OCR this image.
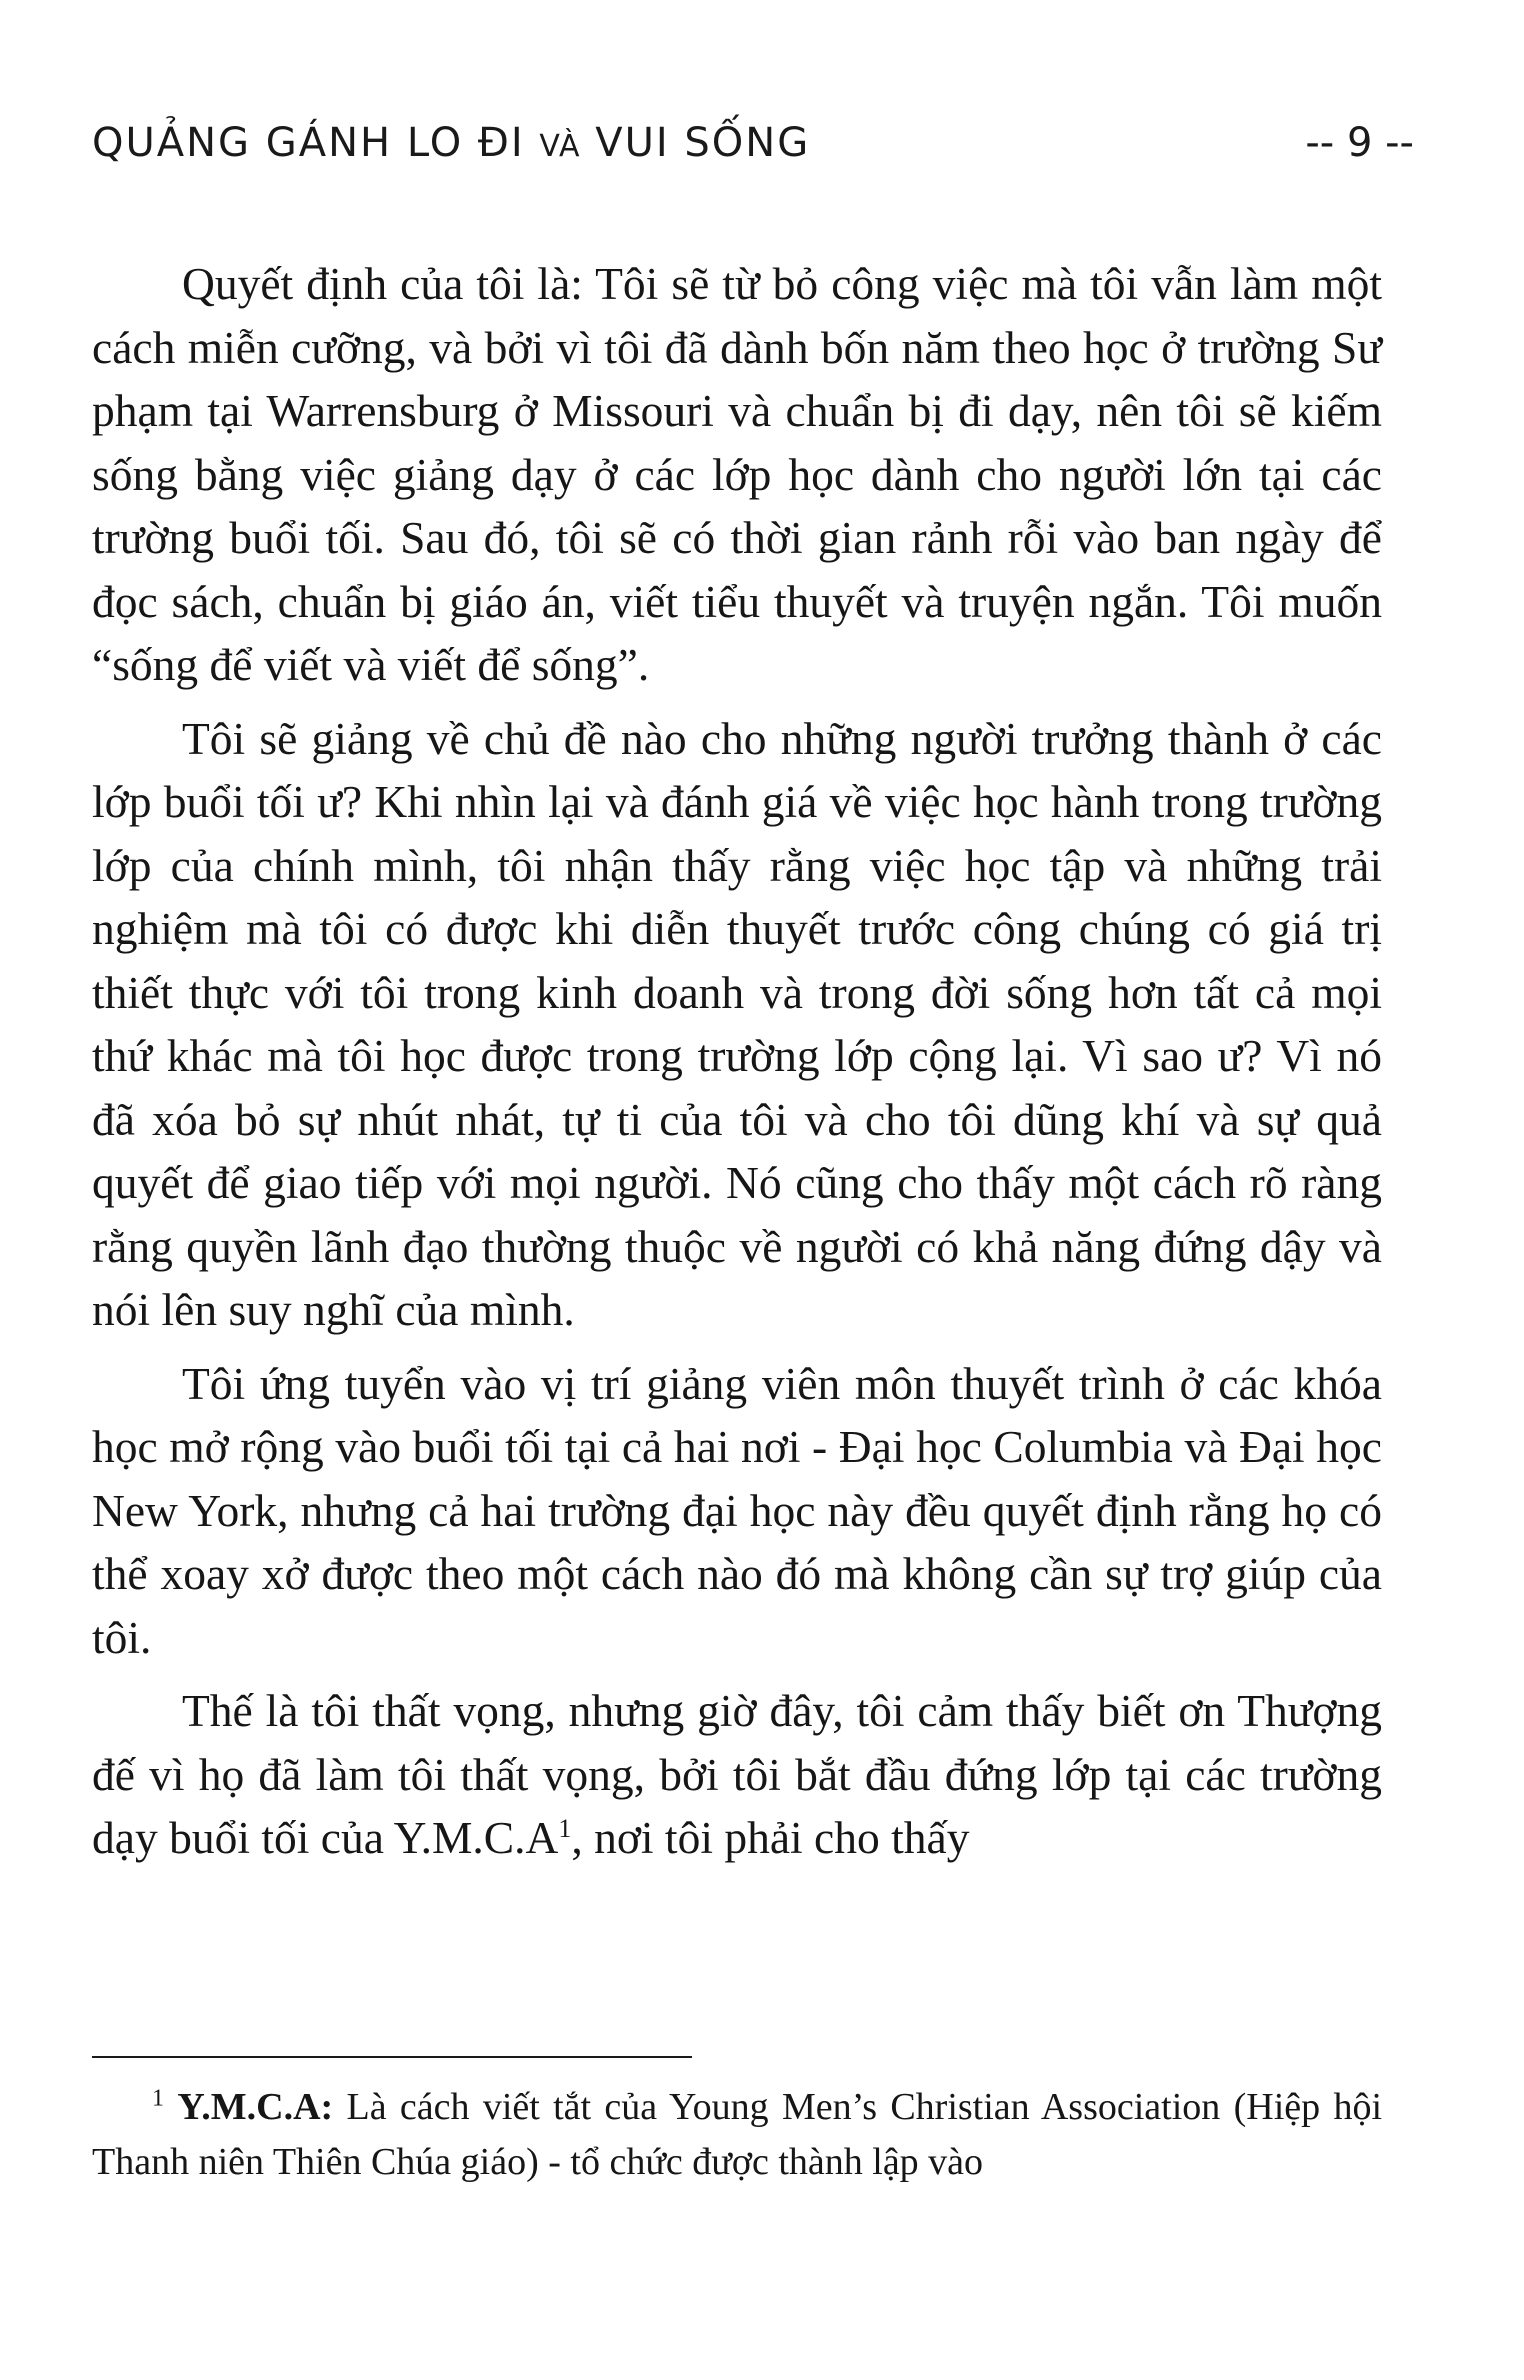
QUẢNG GÁNH LO ĐI VÀ VUI SỐNG	-- 9 --

Quyết định của tôi là: Tôi sẽ từ bỏ công việc mà tôi vẫn làm một cách miễn cưỡng, và bởi vì tôi đã dành bốn năm theo học ở trường Sư phạm tại Warrensburg ở Missouri và chuẩn bị đi dạy, nên tôi sẽ kiếm sống bằng việc giảng dạy ở các lớp học dành cho người lớn tại các trường buổi tối. Sau đó, tôi sẽ có thời gian rảnh rỗi vào ban ngày để đọc sách, chuẩn bị giáo án, viết tiểu thuyết và truyện ngắn. Tôi muốn “sống để viết và viết để sống”.

Tôi sẽ giảng về chủ đề nào cho những người trưởng thành ở các lớp buổi tối ư? Khi nhìn lại và đánh giá về việc học hành trong trường lớp của chính mình, tôi nhận thấy rằng việc học tập và những trải nghiệm mà tôi có được khi diễn thuyết trước công chúng có giá trị thiết thực với tôi trong kinh doanh và trong đời sống hơn tất cả mọi thứ khác mà tôi học được trong trường lớp cộng lại. Vì sao ư? Vì nó đã xóa bỏ sự nhút nhát, tự ti của tôi và cho tôi dũng khí và sự quả quyết để giao tiếp với mọi người. Nó cũng cho thấy một cách rõ ràng rằng quyền lãnh đạo thường thuộc về người có khả năng đứng dậy và nói lên suy nghĩ của mình.

Tôi ứng tuyển vào vị trí giảng viên môn thuyết trình ở các khóa học mở rộng vào buổi tối tại cả hai nơi - Đại học Columbia và Đại học New York, nhưng cả hai trường đại học này đều quyết định rằng họ có thể xoay xở được theo một cách nào đó mà không cần sự trợ giúp của tôi.

Thế là tôi thất vọng, nhưng giờ đây, tôi cảm thấy biết ơn Thượng đế vì họ đã làm tôi thất vọng, bởi tôi bắt đầu đứng lớp tại các trường dạy buổi tối của $Y.M.C.A^1$, nơi tôi phải cho thấy

$^1$ Y.M.C.A: Là cách viết tắt của Young Men’s Christian Association (Hiệp hội Thanh niên Thiên Chúa giáo) - tổ chức được thành lập vào
